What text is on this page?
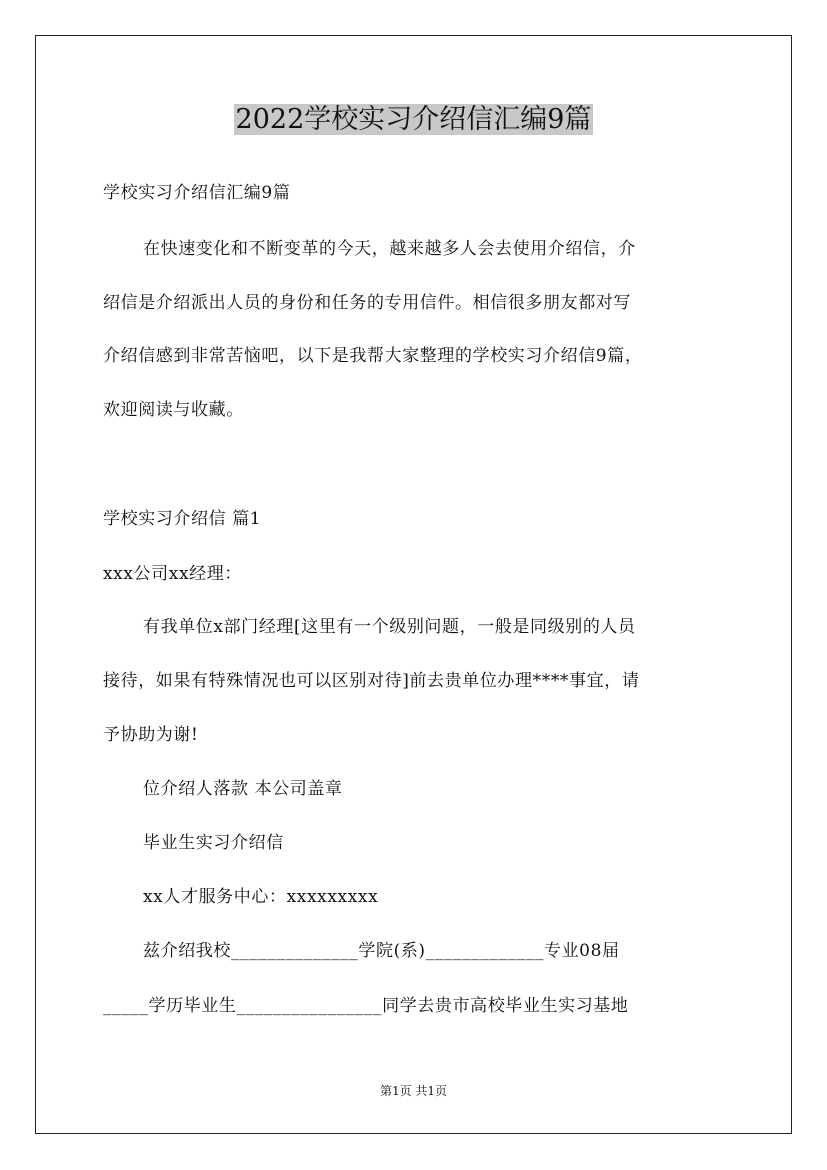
2022学校实习介绍信汇编9篇
学校实习介绍信汇编9篇
在快速变化和不断变革的今天，越来越多人会去使用介绍信，介
绍信是介绍派出人员的身份和任务的专用信件。相信很多朋友都对写
介绍信感到非常苦恼吧，以下是我帮大家整理的学校实习介绍信9篇，
欢迎阅读与收藏。
学校实习介绍信 篇1
xxx公司xx经理：
有我单位x部门经理[这里有一个级别问题，一般是同级别的人员
接待，如果有特殊情况也可以区别对待]前去贵单位办理****事宜，请
予协助为谢!
位介绍人落款 本公司盖章
毕业生实习介绍信
xx人才服务中心：xxxxxxxxx
兹介绍我校______________学院(系)_____________专业08届
_____学历毕业生________________同学去贵市高校毕业生实习基地
第1页 共1页
